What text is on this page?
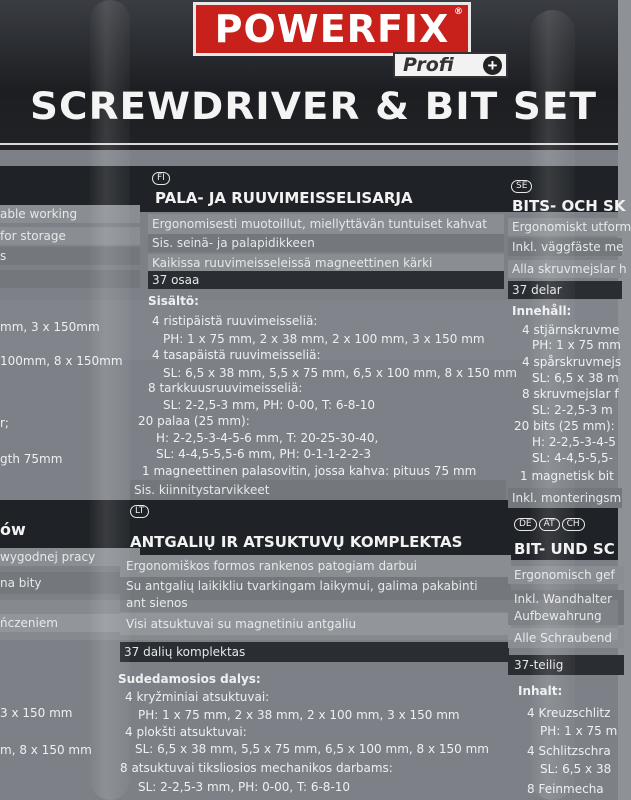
POWERFIX ®
Profi +
SCREWDRIVER & BIT SET
able working
for storage
s
mm, 3 x 150mm
100mm, 8 x 150mm
r;
gth 75mm
ów
wygodnej pracy
na bity
ńczeniem
3 x 150 mm
m, 8 x 150 mm
FI
PALA- JA RUUVIMEISSELISARJA
Ergonomisesti muotoillut, miellyttävän tuntuiset kahvat
Sis. seinä- ja palapidikkeen
Kaikissa ruuvimeisseleissä magneettinen kärki
37 osaa
Sisältö:
4 ristipäistä ruuvimeisseliä:
PH: 1 x 75 mm, 2 x 38 mm, 2 x 100 mm, 3 x 150 mm
4 tasapäistä ruuvimeisseliä:
SL: 6,5 x 38 mm, 5,5 x 75 mm, 6,5 x 100 mm, 8 x 150 mm
8 tarkkuusruuvimeisseliä:
SL: 2-2,5-3 mm, PH: 0-00, T: 6-8-10
20 palaa (25 mm):
H: 2-2,5-3-4-5-6 mm, T: 20-25-30-40,
SL: 4-4,5-5,5-6 mm, PH: 0-1-1-2-2-3
1 magneettinen palasovitin, jossa kahva: pituus 75 mm
Sis. kiinnitystarvikkeet
LT
ANTGALIŲ IR ATSUKTUVŲ KOMPLEKTAS
Ergonomiškos formos rankenos patogiam darbui
Su antgalių laikikliu tvarkingam laikymui, galima pakabinti
ant sienos
Visi atsuktuvai su magnetiniu antgaliu
37 dalių komplektas
Sudedamosios dalys:
4 kryžminiai atsuktuvai:
PH: 1 x 75 mm, 2 x 38 mm, 2 x 100 mm, 3 x 150 mm
4 plokšti atsuktuvai:
SL: 6,5 x 38 mm, 5,5 x 75 mm, 6,5 x 100 mm, 8 x 150 mm
8 atsuktuvai tiksliosios mechanikos darbams:
SL: 2-2,5-3 mm, PH: 0-00, T: 6-8-10
SE
BITS- OCH SK
Ergonomiskt utform
Inkl. väggfäste me
Alla skruvmejslar h
37 delar
Innehåll:
4 stjärnskruvme
PH: 1 x 75 mm
4 spårskruvmejs
SL: 6,5 x 38 m
8 skruvmejslar f
SL: 2-2,5-3 m
20 bits (25 mm):
H: 2-2,5-3-4-5
SL: 4-4,5-5,5-
1 magnetisk bit
Inkl. monteringsm
DE AT CH
BIT- UND SC
Ergonomisch gef
Inkl. Wandhalter
Aufbewahrung
Alle Schraubend
37-teilig
Inhalt:
4 Kreuzschlitz
PH: 1 x 75 m
4 Schlitzschra
SL: 6,5 x 38
8 Feinmecha
